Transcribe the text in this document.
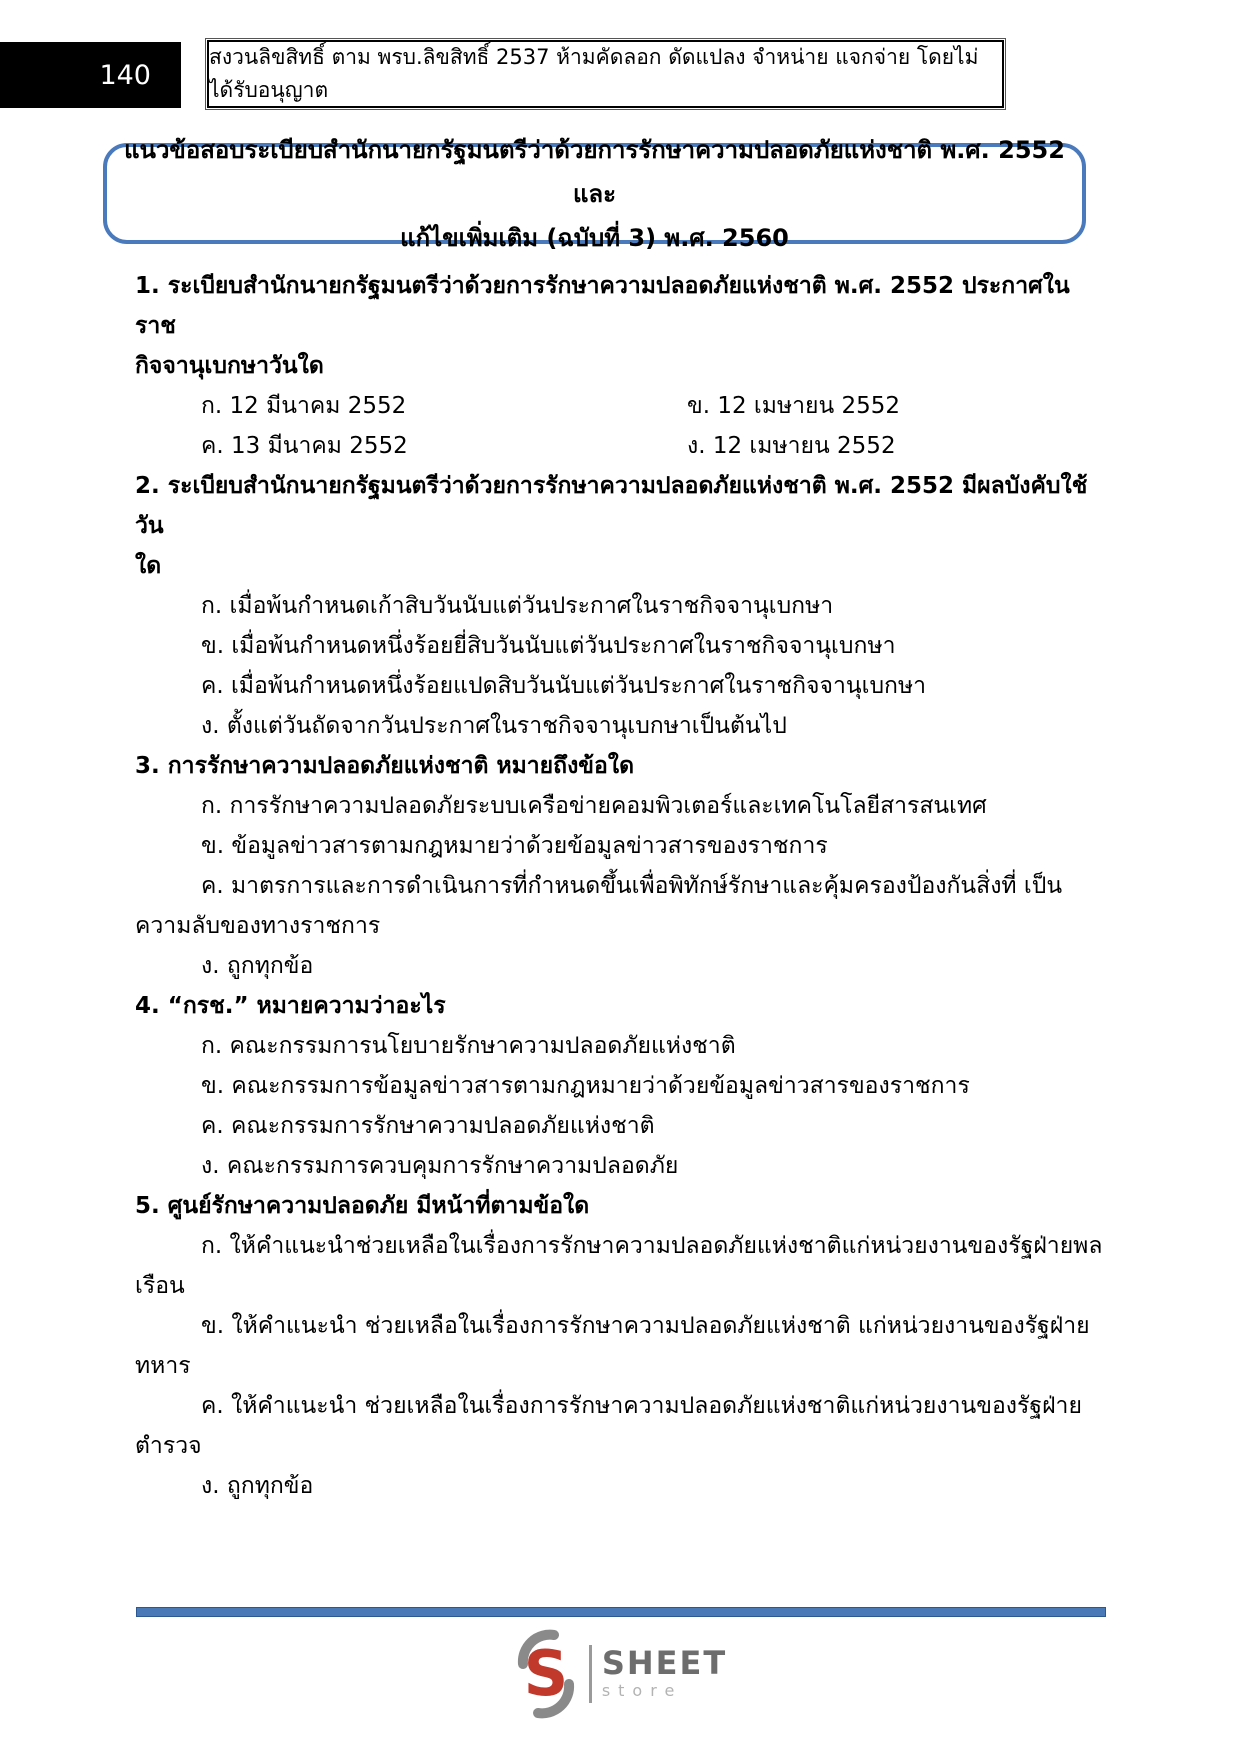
140
สงวนลิขสิทธิ์ ตาม พรบ.ลิขสิทธิ์ 2537 ห้ามคัดลอก ดัดแปลง จำหน่าย แจกจ่าย โดยไม่ได้รับอนุญาต
แนวข้อสอบระเบียบสำนักนายกรัฐมนตรีว่าด้วยการรักษาความปลอดภัยแห่งชาติ พ.ศ. 2552 และ
แก้ไขเพิ่มเติม (ฉบับที่ 3) พ.ศ. 2560

1. ระเบียบสำนักนายกรัฐมนตรีว่าด้วยการรักษาความปลอดภัยแห่งชาติ พ.ศ. 2552 ประกาศในราช

กิจจานุเบกษาวันใด

ก. 12 มีนาคม 2552	ข. 12 เมษายน 2552

ค. 13 มีนาคม 2552	ง. 12 เมษายน 2552

2. ระเบียบสำนักนายกรัฐมนตรีว่าด้วยการรักษาความปลอดภัยแห่งชาติ พ.ศ. 2552 มีผลบังคับใช้วัน

ใด

ก. เมื่อพ้นกำหนดเก้าสิบวันนับแต่วันประกาศในราชกิจจานุเบกษา

ข. เมื่อพ้นกำหนดหนึ่งร้อยยี่สิบวันนับแต่วันประกาศในราชกิจจานุเบกษา

ค. เมื่อพ้นกำหนดหนึ่งร้อยแปดสิบวันนับแต่วันประกาศในราชกิจจานุเบกษา

ง. ตั้งแต่วันถัดจากวันประกาศในราชกิจจานุเบกษาเป็นต้นไป

3. การรักษาความปลอดภัยแห่งชาติ หมายถึงข้อใด

ก. การรักษาความปลอดภัยระบบเครือข่ายคอมพิวเตอร์และเทคโนโลยีสารสนเทศ

ข. ข้อมูลข่าวสารตามกฎหมายว่าด้วยข้อมูลข่าวสารของราชการ

ค. มาตรการและการดำเนินการที่กำหนดขึ้นเพื่อพิทักษ์รักษาและคุ้มครองป้องกันสิ่งที่ เป็น

ความลับของทางราชการ

ง. ถูกทุกข้อ

4. “กรช.” หมายความว่าอะไร

ก. คณะกรรมการนโยบายรักษาความปลอดภัยแห่งชาติ

ข. คณะกรรมการข้อมูลข่าวสารตามกฎหมายว่าด้วยข้อมูลข่าวสารของราชการ

ค. คณะกรรมการรักษาความปลอดภัยแห่งชาติ

ง. คณะกรรมการควบคุมการรักษาความปลอดภัย

5. ศูนย์รักษาความปลอดภัย มีหน้าที่ตามข้อใด

ก. ให้คำแนะนำช่วยเหลือในเรื่องการรักษาความปลอดภัยแห่งชาติแก่หน่วยงานของรัฐฝ่ายพล

เรือน

ข. ให้คำแนะนำ ช่วยเหลือในเรื่องการรักษาความปลอดภัยแห่งชาติ แก่หน่วยงานของรัฐฝ่าย

ทหาร

ค. ให้คำแนะนำ ช่วยเหลือในเรื่องการรักษาความปลอดภัยแห่งชาติแก่หน่วยงานของรัฐฝ่าย

ตำรวจ

ง. ถูกทุกข้อ

S SHEET
store
